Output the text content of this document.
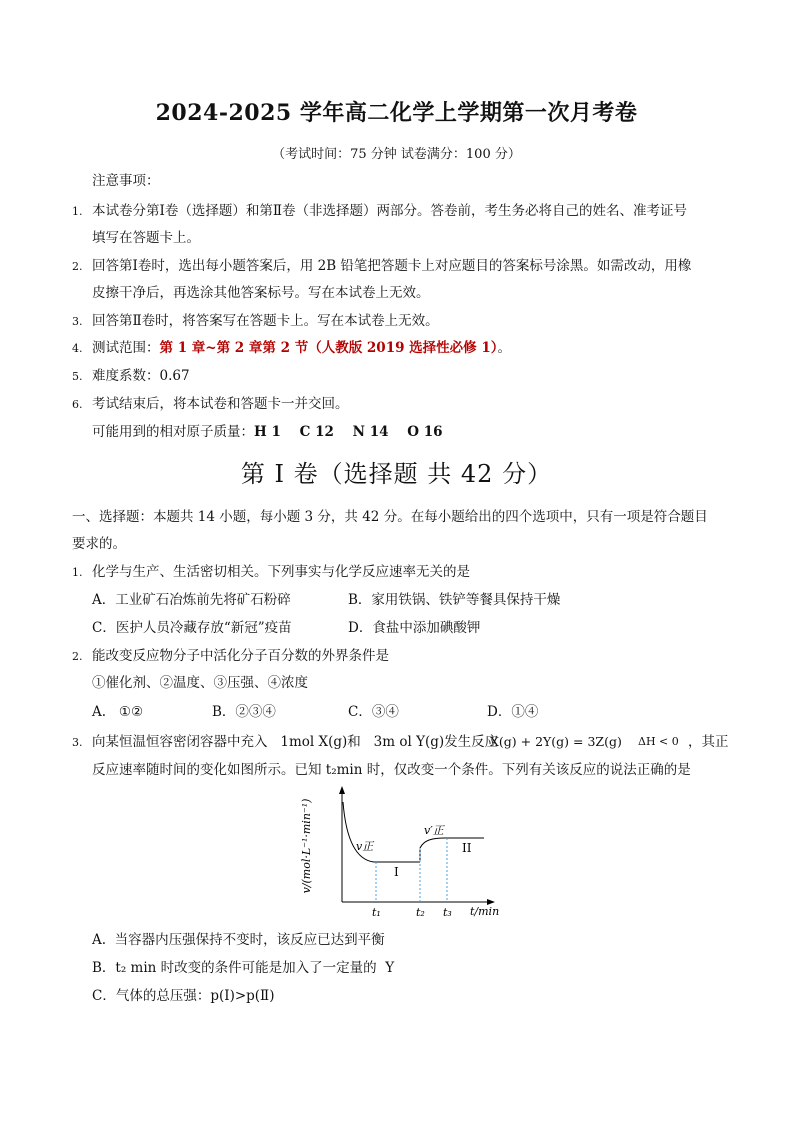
2024-2025 学年高二化学上学期第一次月考卷
（考试时间：75 分钟 试卷满分：100 分）
注意事项：
1. 本试卷分第Ⅰ卷（选择题）和第Ⅱ卷（非选择题）两部分。答卷前，考生务必将自己的姓名、准考证号
填写在答题卡上。
2. 回答第Ⅰ卷时，选出每小题答案后，用 2B 铅笔把答题卡上对应题目的答案标号涂黑。如需改动，用橡
皮擦干净后，再选涂其他答案标号。写在本试卷上无效。
3. 回答第Ⅱ卷时，将答案写在答题卡上。写在本试卷上无效。
4. 测试范围：第 1 章~第 2 章第 2 节（人教版 2019 选择性必修 1）。
5. 难度系数：0.67
6. 考试结束后，将本试卷和答题卡一并交回。
可能用到的相对原子质量：H 1    C 12    N 14    O 16
第 I 卷（选择题 共 42 分）
一、选择题：本题共 14 小题，每小题 3 分，共 42 分。在每小题给出的四个选项中，只有一项是符合题目
要求的。
1. 化学与生产、生活密切相关。下列事实与化学反应速率无关的是
A．工业矿石冶炼前先将矿石粉碎	B．家用铁锅、铁铲等餐具保持干燥
C．医护人员冷藏存放“新冠”疫苗	D．食盐中添加碘酸钾
2. 能改变反应物分子中活化分子百分数的外界条件是
①催化剂、②温度、③压强、④浓度
A.   ①②	B．②③④	C．③④	D．①④
3. 向某恒温恒容密闭容器中充入   1mol X(g)和   3m ol Y(g)发生反应
X(g) + 2Y(g) = 3Z(g) ΔH < 0 ，其正
反应速率随时间的变化如图所示。已知 t₂min 时，仅改变一个条件。下列有关该反应的说法正确的是
v/(mol·L⁻¹·min⁻¹)
t/min
v正
v′正
I
II
t₁	t₂ t₃
A.  当容器内压强保持不变时，该反应已达到平衡
B．t₂ min 时改变的条件可能是加入了一定量的  Y
C．气体的总压强：p(Ⅰ)>p(Ⅱ)
